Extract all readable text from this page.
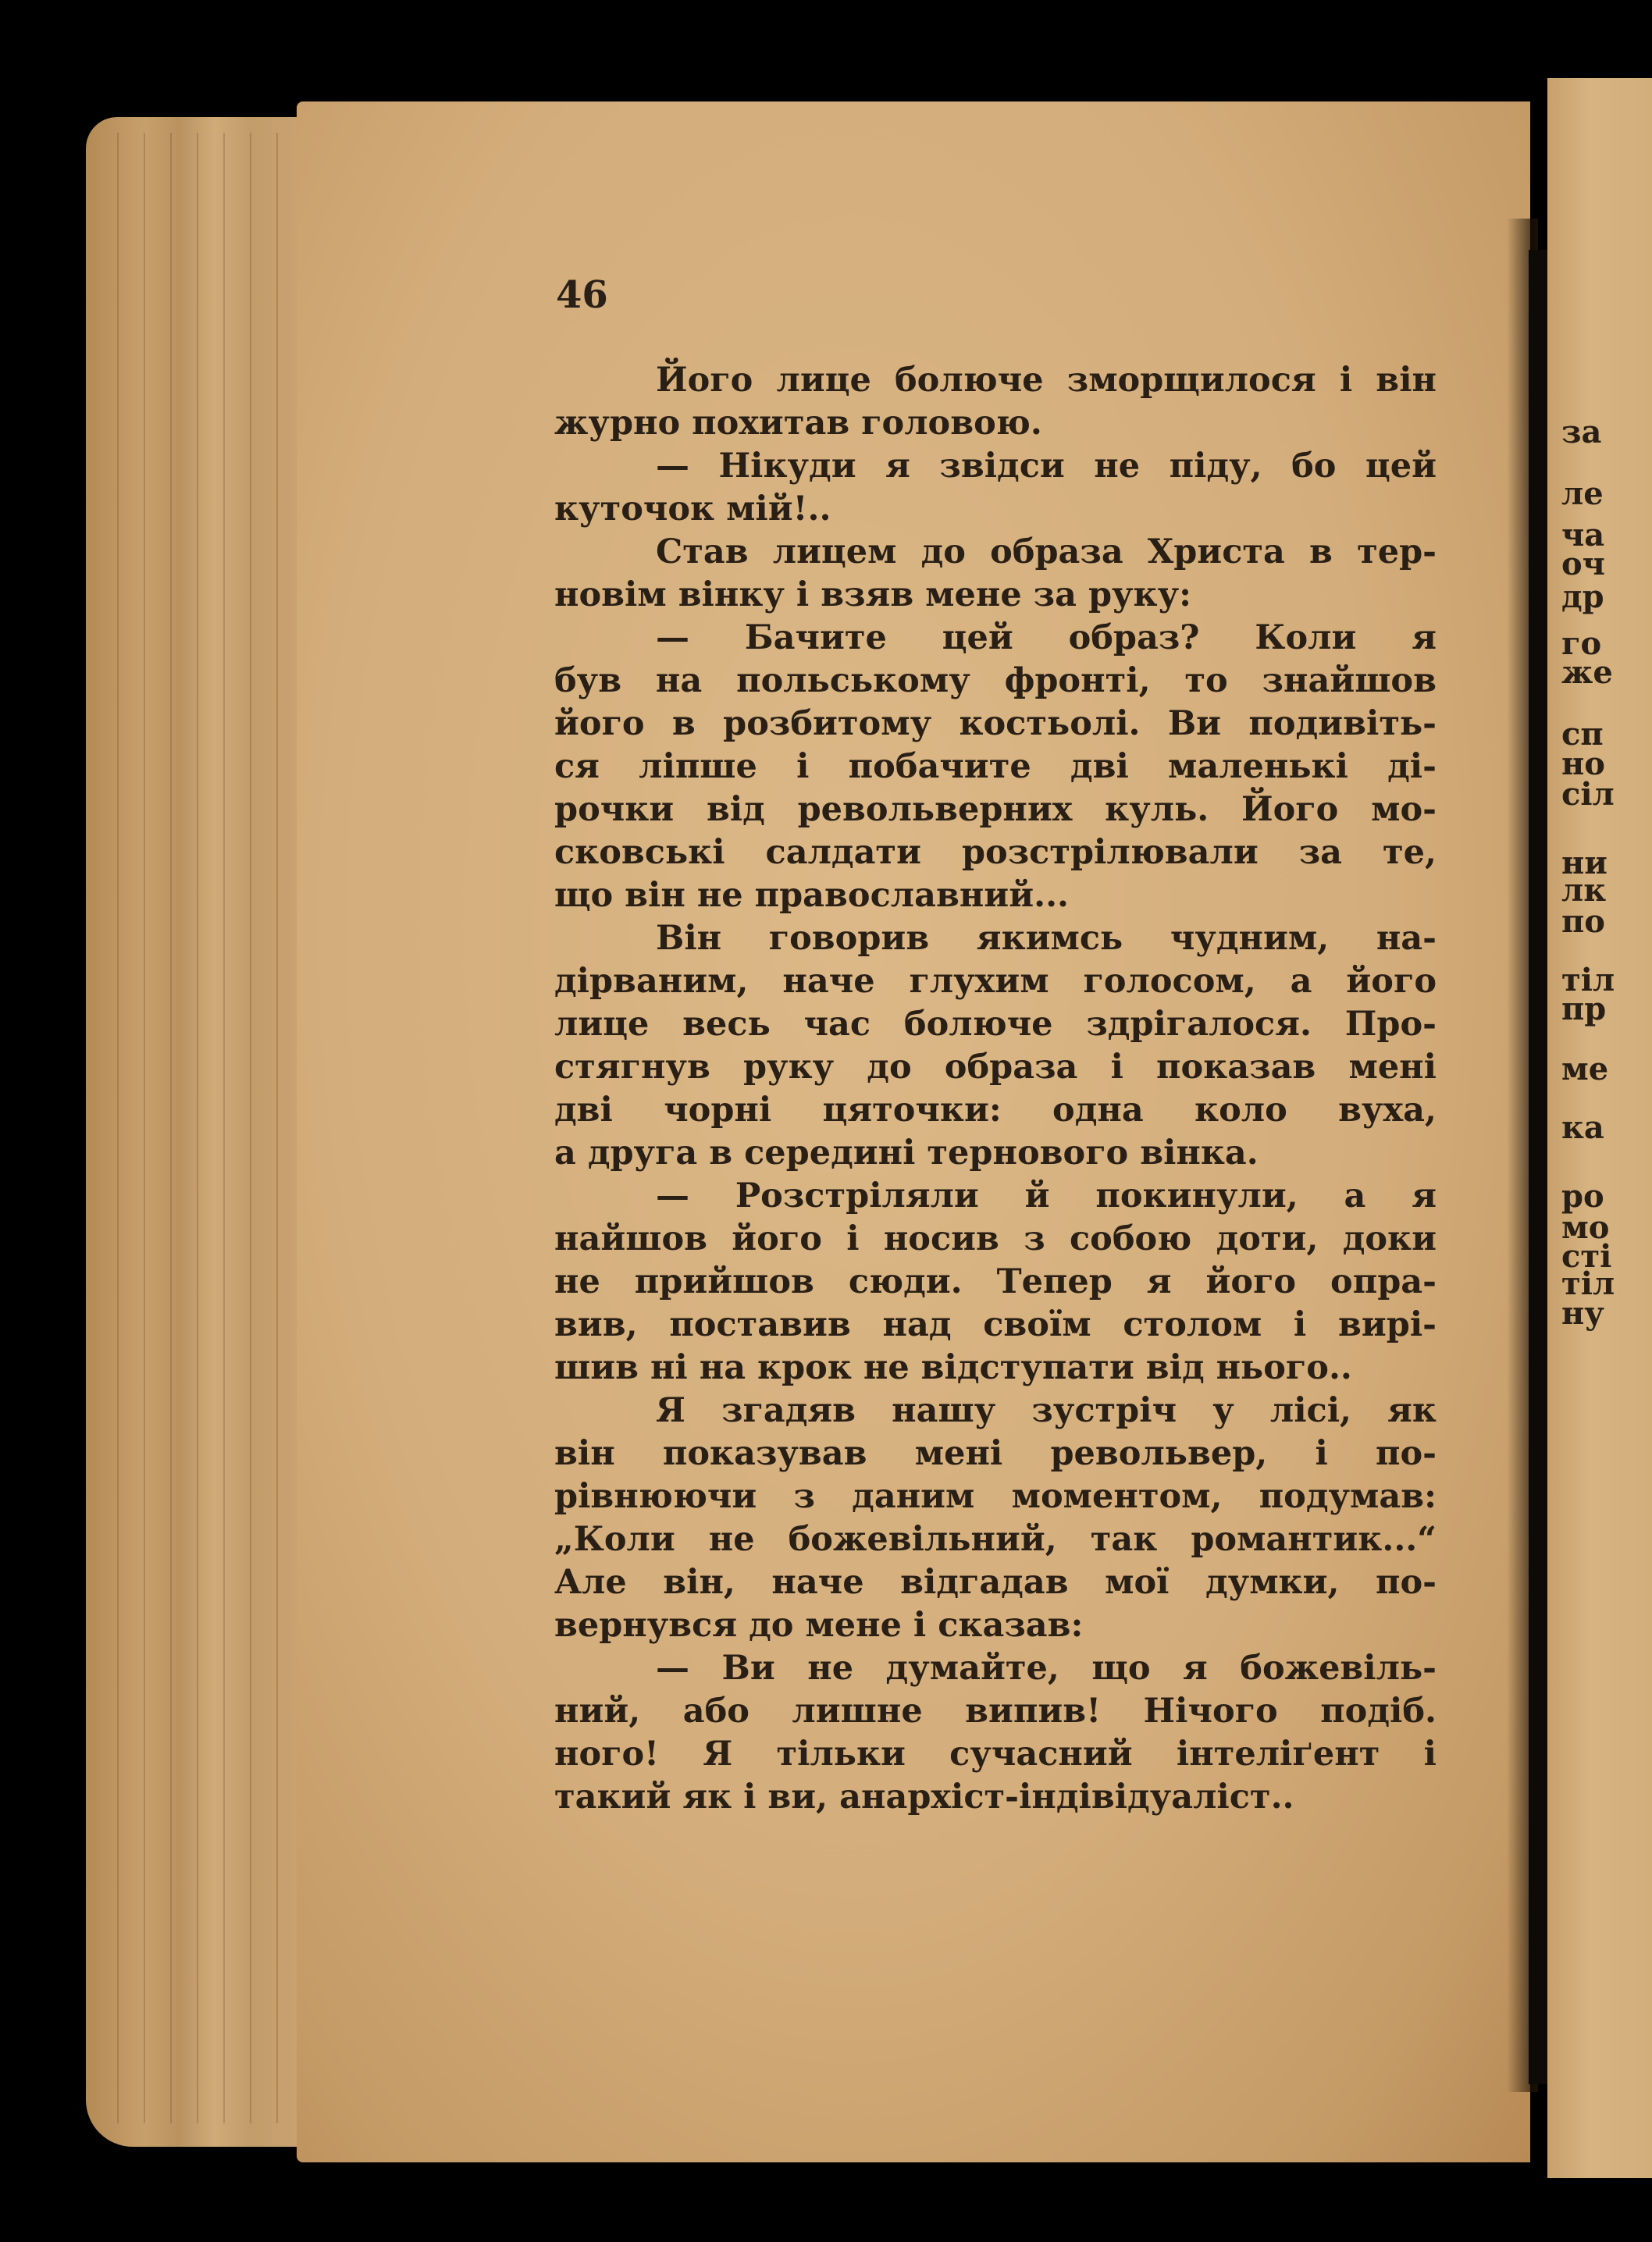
за
ле
ча
оч
др
го
же
сп
но
сіл
ни
лк
по
тіл
пр
ме
ка
ро
мо
сті
тіл
ну
46
Його лице болюче зморщилося і він
журно похитав головою.
— Нікуди я звідси не піду, бо цей
куточок мій!..
Став лицем до образа Христа в тер-
новім вінку і взяв мене за руку:
— Бачите цей образ? Коли я
був на польському фронті, то знайшов
його в розбитому костьолі. Ви подивіть-
ся ліпше і побачите дві маленькі ді-
рочки від револьверних куль. Його мо-
сковські салдати розстрілювали за те,
що він не православний...
Він говорив якимсь чудним, на-
дірваним, наче глухим голосом, а його
лице весь час болюче здрігалося. Про-
стягнув руку до образа і показав мені
дві чорні цяточки: одна коло вуха,
а друга в середині тернового вінка.
— Розстріляли й покинули, а я
найшов його і носив з собою доти, доки
не прийшов сюди. Тепер я його опра-
вив, поставив над своїм столом і вирі-
шив ні на крок не відступати від нього..
Я згадяв нашу зустріч у лісі, як
він показував мені револьвер, і по-
рівнюючи з даним моментом, подумав:
„Коли не божевільний, так романтик...“
Але він, наче відгадав мої думки, по-
вернувся до мене і сказав:
— Ви не думайте, що я божевіль-
ний, або лишне випив! Нічого подіб.
ного! Я тільки сучасний інтеліґент і
такий як і ви, анархіст-індівідуаліст..
